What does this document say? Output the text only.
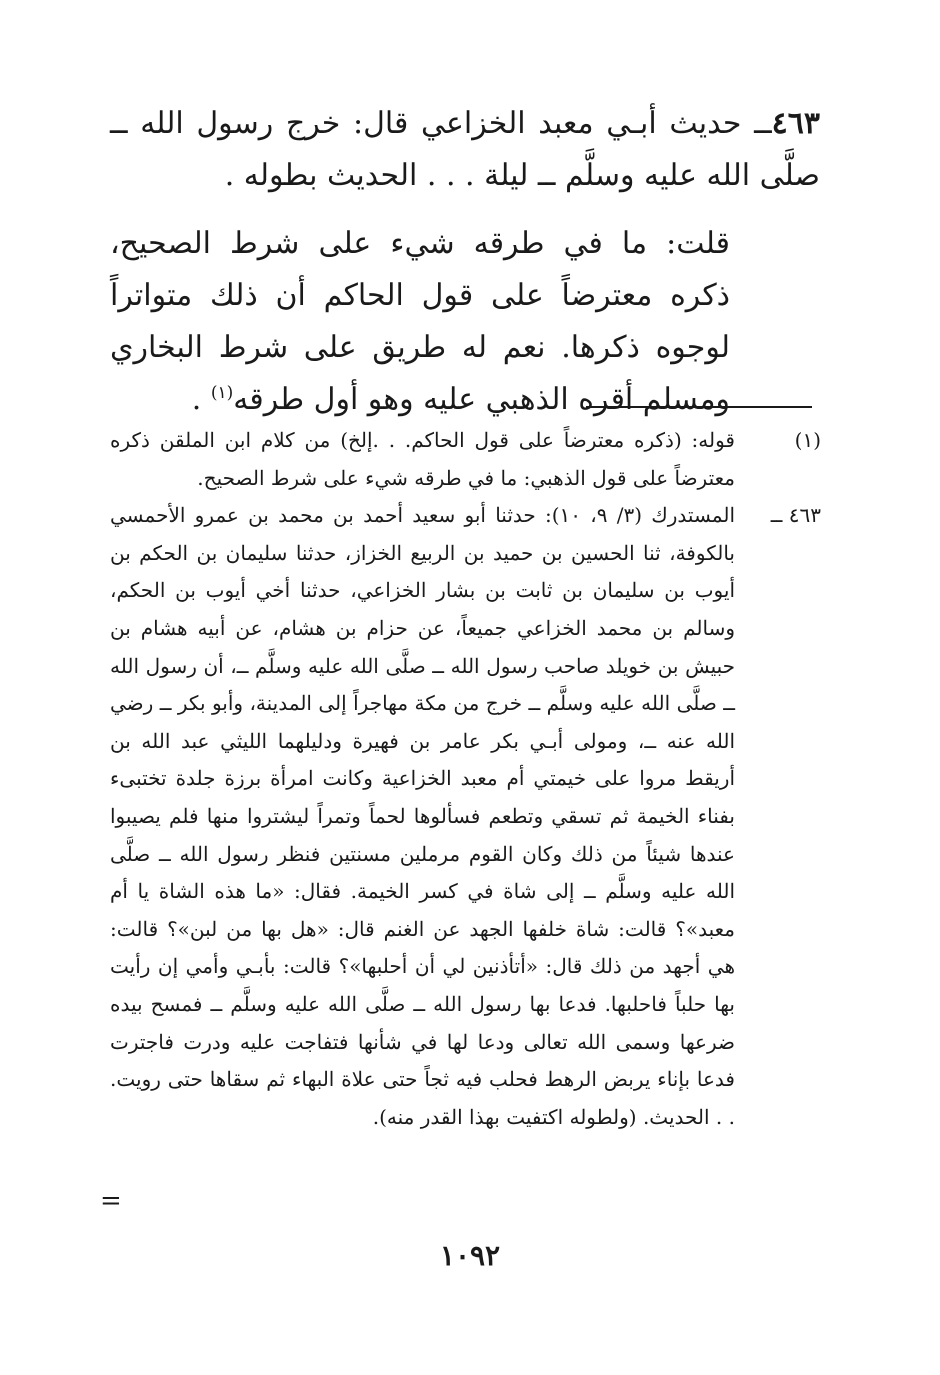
٤٦٣ــ حديث أبـي معبد الخزاعي قال: خرج رسول الله ــ صلَّى الله عليه وسلَّم ــ ليلة . . . الحديث بطوله .

قلت: ما في طرقه شيء على شرط الصحيح، ذكره معترضاً على قول الحاكم أن ذلك متواتراً لوجوه ذكرها. نعم له طريق على شرط البخاري ومسلم أقره الذهبي عليه وهو أول طرقه$^{(١)}$ .

(١)
قوله: (ذكره معترضاً على قول الحاكم. . .إلخ) من كلام ابن الملقن ذكره معترضاً على قول الذهبي: ما في طرقه شيء على شرط الصحيح.

٤٦٣ ــ
المستدرك (٣/ ٩، ١٠): حدثنا أبو سعيد أحمد بن محمد بن عمرو الأحمسي بالكوفة، ثنا الحسين بن حميد بن الربيع الخزاز، حدثنا سليمان بن الحكم بن أيوب بن سليمان بن ثابت بن بشار الخزاعي، حدثنا أخي أيوب بن الحكم، وسالم بن محمد الخزاعي جميعاً، عن حزام بن هشام، عن أبيه هشام بن حبيش بن خويلد صاحب رسول الله ــ صلَّى الله عليه وسلَّم ــ، أن رسول الله ــ صلَّى الله عليه وسلَّم ــ خرج من مكة مهاجراً إلى المدينة، وأبو بكر ــ رضي الله عنه ــ، ومولى أبـي بكر عامر بن فهيرة ودليلهما الليثي عبد الله بن أريقط مروا على خيمتي أم معبد الخزاعية وكانت امرأة برزة جلدة تختبىء بفناء الخيمة ثم تسقي وتطعم فسألوها لحماً وتمراً ليشتروا منها فلم يصيبوا عندها شيئاً من ذلك وكان القوم مرملين مسنتين فنظر رسول الله ــ صلَّى الله عليه وسلَّم ــ إلى شاة في كسر الخيمة. فقال: «ما هذه الشاة يا أم معبد»؟ قالت: شاة خلفها الجهد عن الغنم قال: «هل بها من لبن»؟ قالت: هي أجهد من ذلك قال: «أتأذنين لي أن أحلبها»؟ قالت: بأبـي وأمي إن رأيت بها حلباً فاحلبها. فدعا بها رسول الله ــ صلَّى الله عليه وسلَّم ــ فمسح بيده ضرعها وسمى الله تعالى ودعا لها في شأنها فتفاجت عليه ودرت فاجترت فدعا بإناء يربض الرهط فحلب فيه ثجاً حتى علاة البهاء ثم سقاها حتى رويت. . . الحديث. (ولطوله اكتفيت بهذا القدر منه).

=
١٠٩٢
